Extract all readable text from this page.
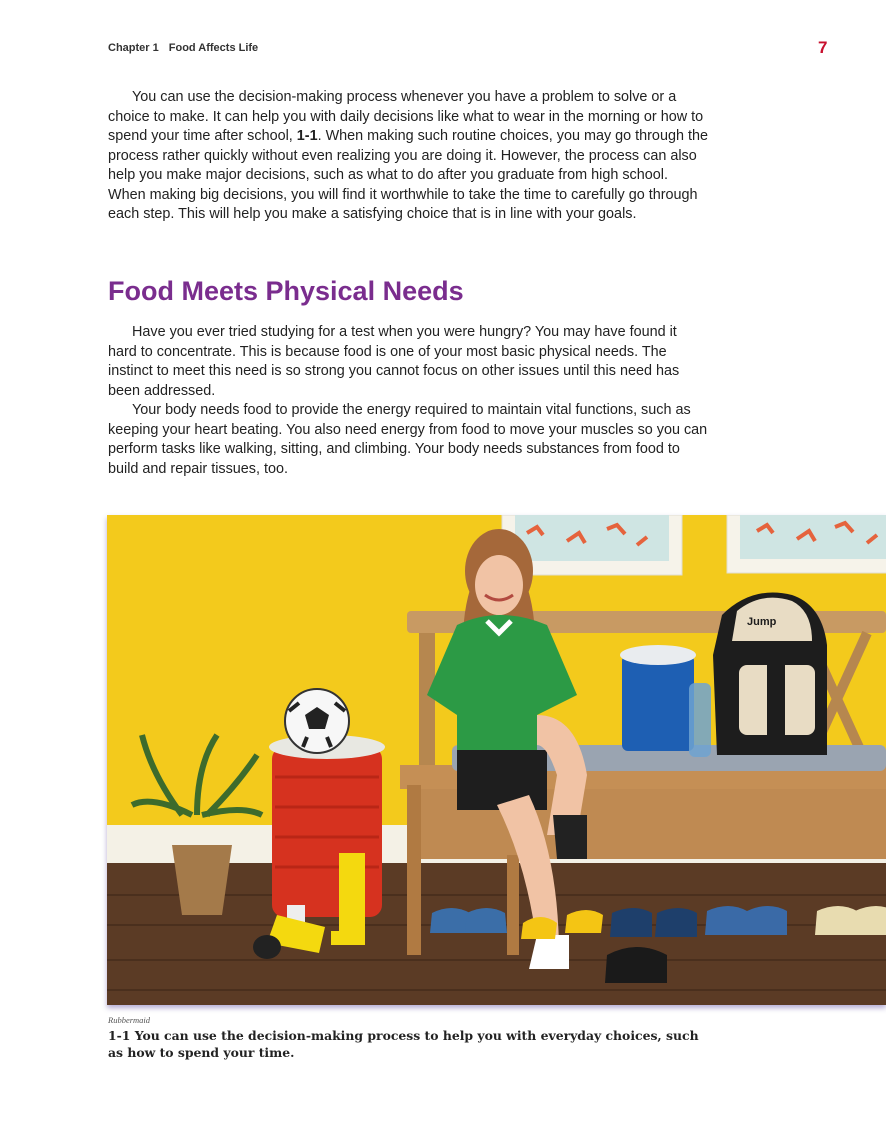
Chapter 1 Food Affects Life	7

You can use the decision-making process whenever you have a problem to solve or a choice to make. It can help you with daily decisions like what to wear in the morning or how to spend your time after school, 1-1. When making such routine choices, you may go through the process rather quickly without even realizing you are doing it. However, the process can also help you make major decisions, such as what to do after you graduate from high school. When making big decisions, you will find it worthwhile to take the time to carefully go through each step. This will help you make a satisfying choice that is in line with your goals.

Food Meets Physical Needs

Have you ever tried studying for a test when you were hungry? You may have found it hard to concentrate. This is because food is one of your most basic physical needs. The instinct to meet this need is so strong you cannot focus on other issues until this need has been addressed.

Your body needs food to provide the energy required to maintain vital functions, such as keeping your heart beating. You also need energy from food to move your muscles so you can perform tasks like walking, sitting, and climbing. Your body needs substances from food to build and repair tissues, too.

Jump
Rubbermaid
1-1 You can use the decision-making process to help you with everyday choices, such as how to spend your time.
